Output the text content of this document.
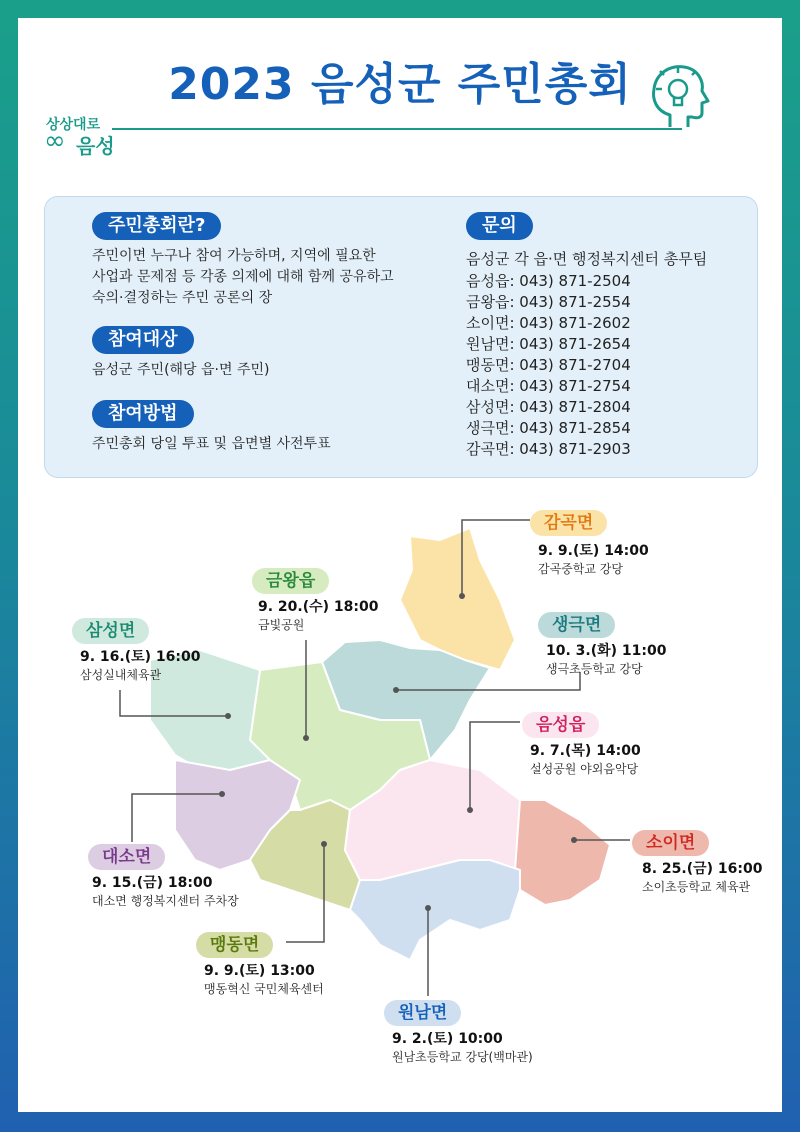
2023 음성군 주민총회
∞
상상대로
음성
주민총회란?
주민이면 누구나 참여 가능하며, 지역에 필요한
사업과 문제점 등 각종 의제에 대해 함께 공유하고
숙의·결정하는 주민 공론의 장
참여대상
음성군 주민(해당 읍·면 주민)
참여방법
주민총회 당일 투표 및 읍면별 사전투표
문의
음성군 각 읍·면 행정복지센터 총무팀
음성읍: 043) 871-2504
금왕읍: 043) 871-2554
소이면: 043) 871-2602
원남면: 043) 871-2654
맹동면: 043) 871-2704
대소면: 043) 871-2754
삼성면: 043) 871-2804
생극면: 043) 871-2854
감곡면: 043) 871-2903
감곡면
9. 9.(토) 14:00
감곡중학교 강당
금왕읍
9. 20.(수) 18:00
금빛공원
삼성면
9. 16.(토) 16:00
삼성실내체육관
생극면
10. 3.(화) 11:00
생극초등학교 강당
음성읍
9. 7.(목) 14:00
설성공원 야외음악당
소이면
8. 25.(금) 16:00
소이초등학교 체육관
대소면
9. 15.(금) 18:00
대소면 행정복지센터 주차장
맹동면
9. 9.(토) 13:00
맹동혁신 국민체육센터
원남면
9. 2.(토) 10:00
원남초등학교 강당(백마관)
